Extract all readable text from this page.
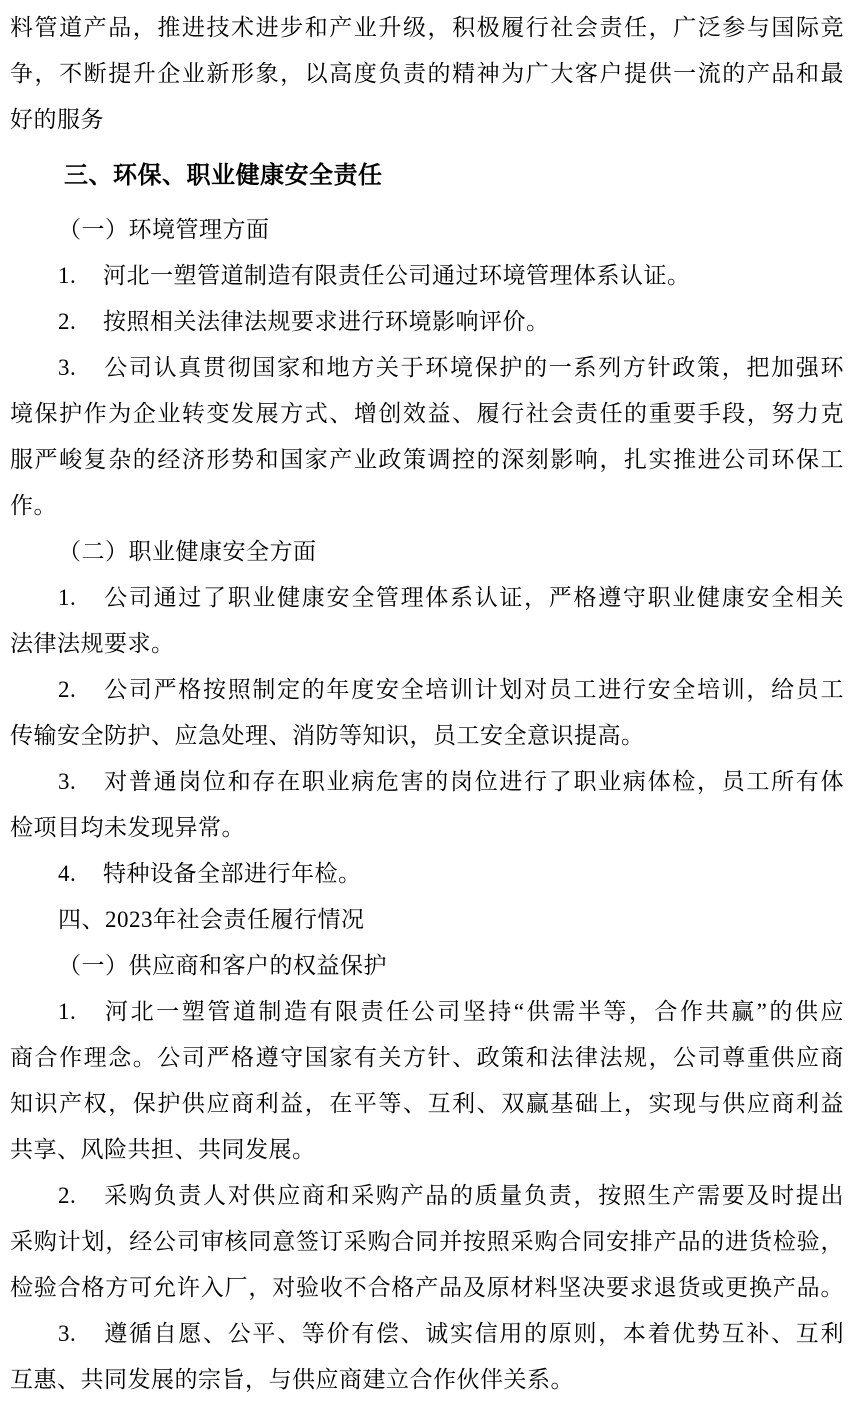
料管道产品，推进技术进步和产业升级，积极履行社会责任，广泛参与国际竞
争，不断提升企业新形象，以高度负责的精神为广大客户提供一流的产品和最
好的服务
三、环保、职业健康安全责任
（一）环境管理方面
1. 河北一塑管道制造有限责任公司通过环境管理体系认证。
2. 按照相关法律法规要求进行环境影响评价。
3. 公司认真贯彻国家和地方关于环境保护的一系列方针政策，把加强环
境保护作为企业转变发展方式、增创效益、履行社会责任的重要手段，努力克
服严峻复杂的经济形势和国家产业政策调控的深刻影响，扎实推进公司环保工
作。
（二）职业健康安全方面
1. 公司通过了职业健康安全管理体系认证，严格遵守职业健康安全相关
法律法规要求。
2. 公司严格按照制定的年度安全培训计划对员工进行安全培训，给员工
传输安全防护、应急处理、消防等知识，员工安全意识提高。
3. 对普通岗位和存在职业病危害的岗位进行了职业病体检，员工所有体
检项目均未发现异常。
4. 特种设备全部进行年检。
四、2023年社会责任履行情况
（一）供应商和客户的权益保护
1. 河北一塑管道制造有限责任公司坚持“供需半等，合作共赢”的供应
商合作理念。公司严格遵守国家有关方针、政策和法律法规，公司尊重供应商
知识产权，保护供应商利益，在平等、互利、双赢基础上，实现与供应商利益
共享、风险共担、共同发展。
2. 采购负责人对供应商和采购产品的质量负责，按照生产需要及时提出
采购计划，经公司审核同意签订采购合同并按照采购合同安排产品的进货检验，
检验合格方可允许入厂，对验收不合格产品及原材料坚决要求退货或更换产品。
3. 遵循自愿、公平、等价有偿、诚实信用的原则，本着优势互补、互利
互惠、共同发展的宗旨，与供应商建立合作伙伴关系。
